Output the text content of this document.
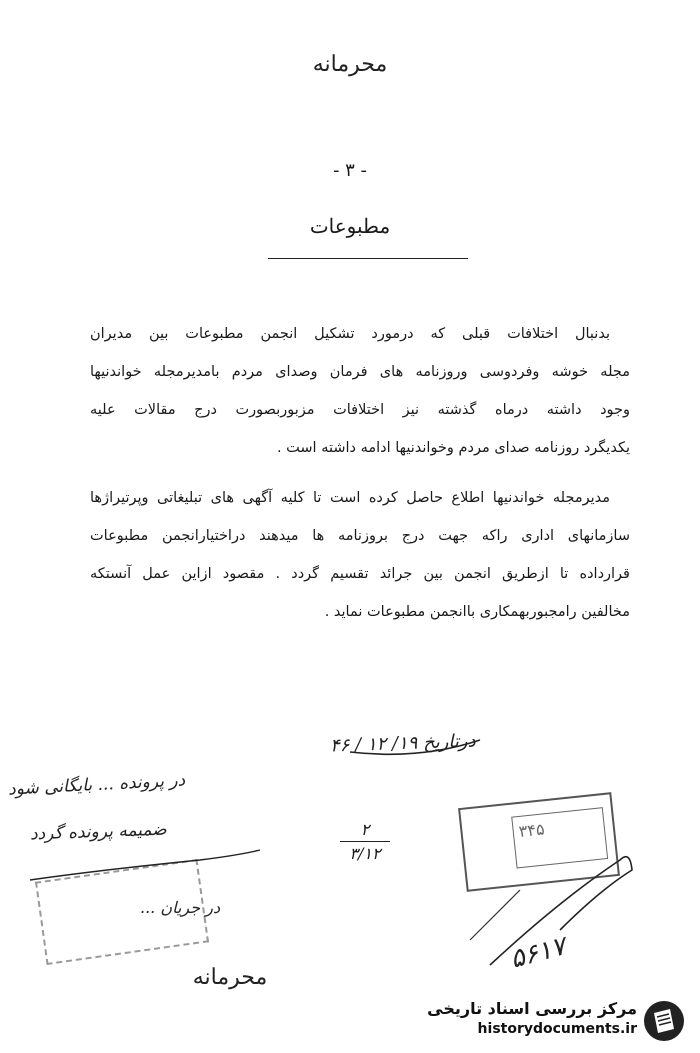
محرمانه
- ۳ -
مطبوعات
بدنبال اختلافات قبلی که درمورد تشکیل انجمن مطبوعات بین مدیران
مجله خوشه وفردوسی وروزنامه های فرمان وصدای مردم بامدیرمجله خواندنیها
وجود داشته درماه گذشته نیز اختلافات مزبوربصورت درج مقالات علیه
یکدیگرد روزنامه صدای مردم وخواندنیها ادامه داشته است .
مدیرمجله خواندنیها اطلاع حاصل کرده است تا کلیه آگهی های تبلیغاتی وپرتیراژها
سازمانهای اداری راکه جهت درج بروزنامه ها میدهند دراختیارانجمن مطبوعات
قرارداده تا ازطریق انجمن بین جرائد تقسیم گردد . مقصود ازاین عمل آنستکه
مخالفین رامجبوربهمکاری باانجمن مطبوعات نماید .
درتاریخ ۱۹/ ۱۲ / ۴۶
در پرونده ... بایگانی شود
ضمیمه پرونده گردد
در جریان ...
۵۶۱۷
۲
۳/۱۲
۳۴۵
محرمانه
مرکز بررسی اسناد تاریخی
historydocuments.ir
